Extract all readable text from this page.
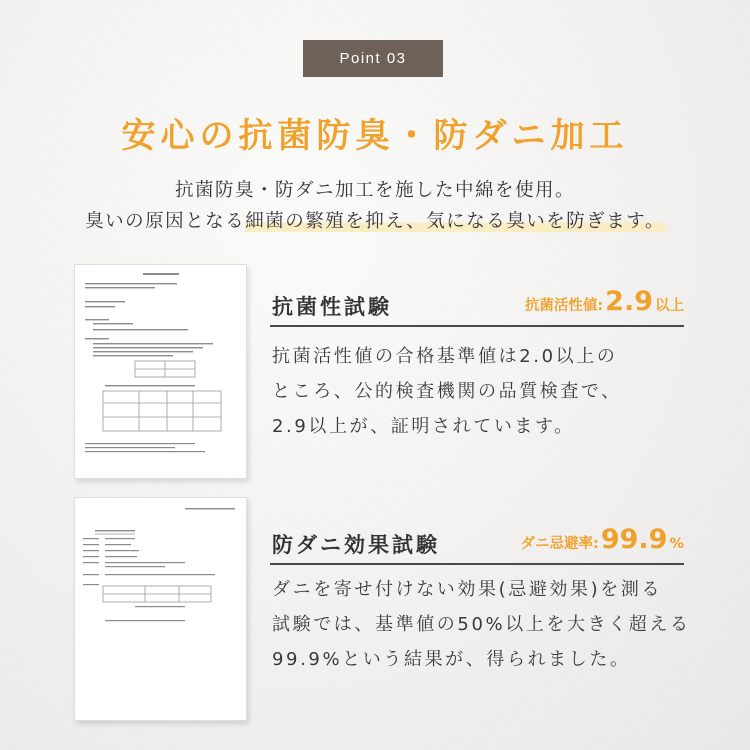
Point 03
安心の抗菌防臭・防ダニ加工
抗菌防臭・防ダニ加工を施した中綿を使用。
臭いの原因となる細菌の繁殖を抑え、気になる臭いを防ぎます。
抗菌性試験	抗菌活性値: 2.9 以上
抗菌活性値の合格基準値は2.0以上の
ところ、公的検査機関の品質検査で、
2.9以上が、証明されています。
防ダニ効果試験	ダニ忌避率: 99.9 %
ダニを寄せ付けない効果(忌避効果)を測る
試験では、基準値の50%以上を大きく超える
99.9%という結果が、得られました。
